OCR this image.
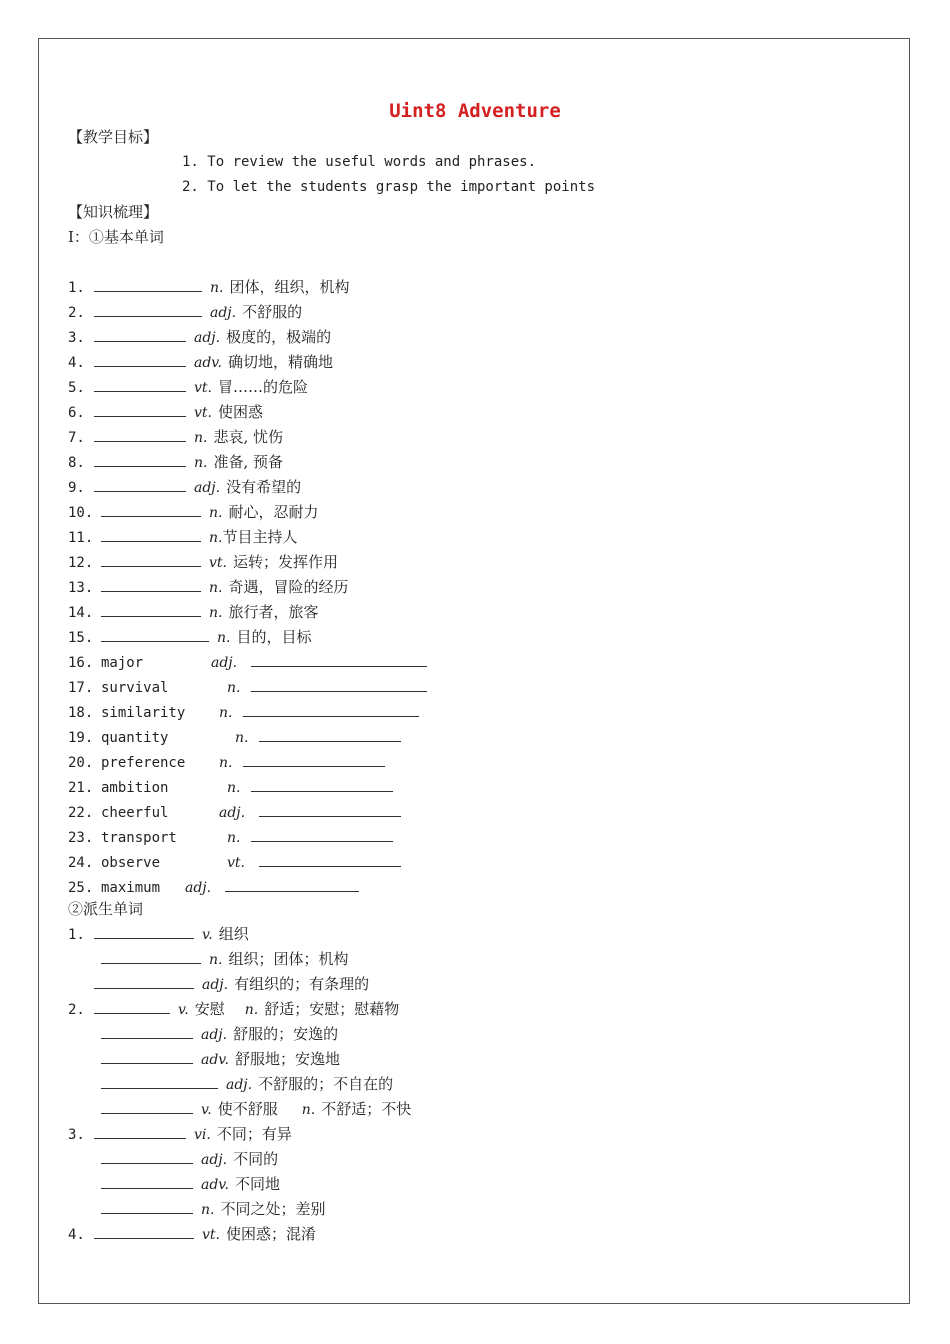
Uint8 Adventure
【教学目标】
1. To review the useful words and phrases.
2. To let the students grasp the important points
【知识梳理】
I：①基本单词
1.	n. 团体，组织，机构
2.	adj. 不舒服的
3.	adj. 极度的，极端的
4.	adv. 确切地，精确地
5.	vt. 冒……的危险
6.	vt. 使困惑
7.	n. 悲哀, 忧伤
8.	n. 准备, 预备
9.	adj. 没有希望的
10.	n. 耐心，忍耐力
11.	n.节目主持人
12.	vt. 运转；发挥作用
13.	n. 奇遇，冒险的经历
14.	n. 旅行者，旅客
15.	n. 目的，目标
16. major	adj.
17. survival	n.
18. similarity n.
19. quantity	n.
20. preference n.
21. ambition	n.
22. cheerful	adj.
23. transport	n.
24. observe	vt.
25. maximum adj.
②派生单词
1.	v. 组织
n. 组织；团体；机构
adj. 有组织的；有条理的
2.	v. 安慰 n. 舒适；安慰；慰藉物
adj. 舒服的；安逸的
adv. 舒服地；安逸地
adj. 不舒服的；不自在的
v. 使不舒服 n. 不舒适；不快
3.	vi. 不同；有异
adj. 不同的
adv. 不同地
n. 不同之处；差别
4.	vt. 使困惑；混淆
